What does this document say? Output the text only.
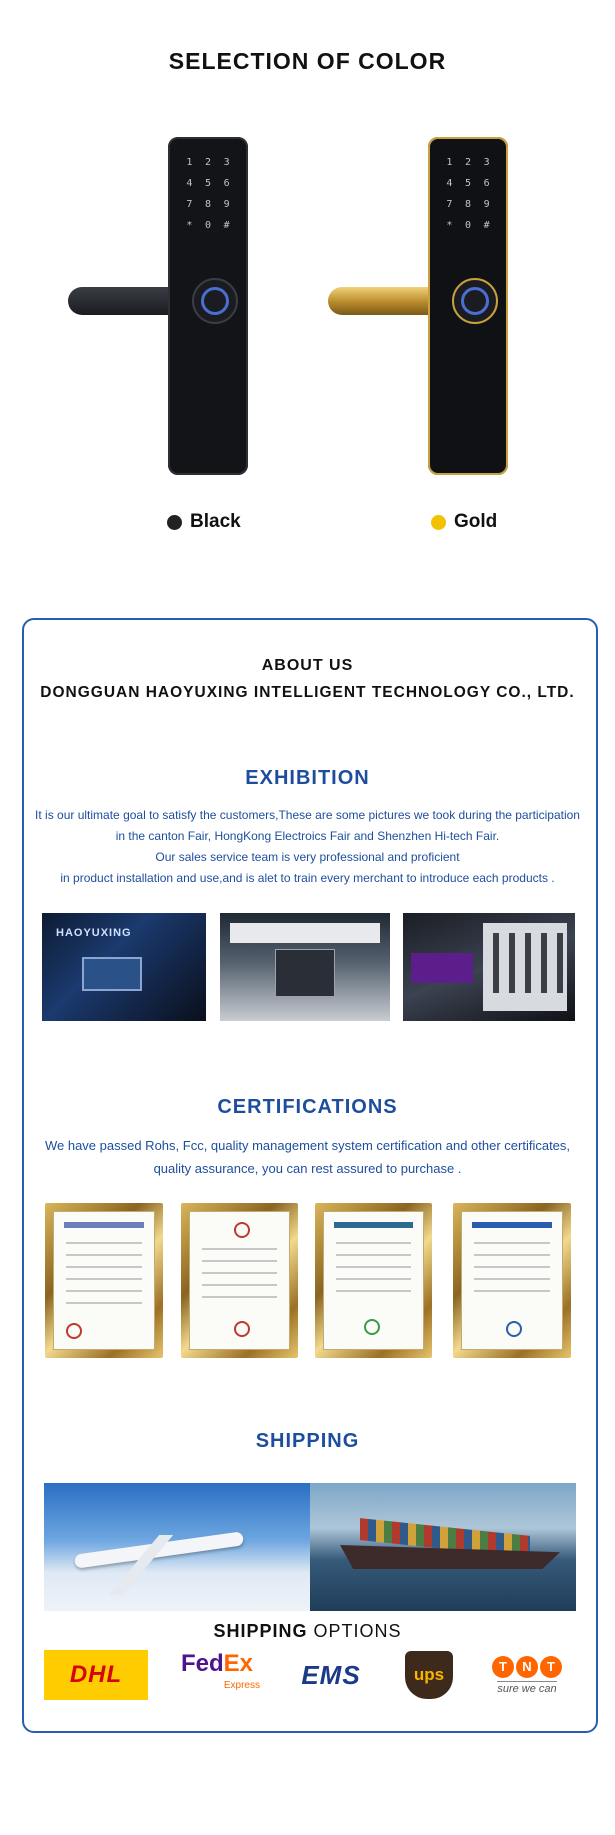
SELECTION OF COLOR
1	2	3
4	5	6
7	8	9
*	0	#
1	2	3
4	5	6
7	8	9
*	0	#
Black	Gold
ABOUT US
DONGGUAN HAOYUXING INTELLIGENT TECHNOLOGY CO., LTD.
EXHIBITION
It is our ultimate goal to satisfy the customers,These are some pictures we took during the participation
in the canton Fair, HongKong Electroics Fair and Shenzhen Hi-tech Fair.
Our sales service team is very professional and proficient
in product installation and use,and is alet to train every merchant to introduce each products .
HAOYUXING
CERTIFICATIONS
We have passed Rohs, Fcc, quality management system certification and other certificates,
quality assurance, you can rest assured to purchase .
SHIPPING
SHIPPING OPTIONS
DHL	FedEx
Express	EMS	ups	T	N	T
sure we can
